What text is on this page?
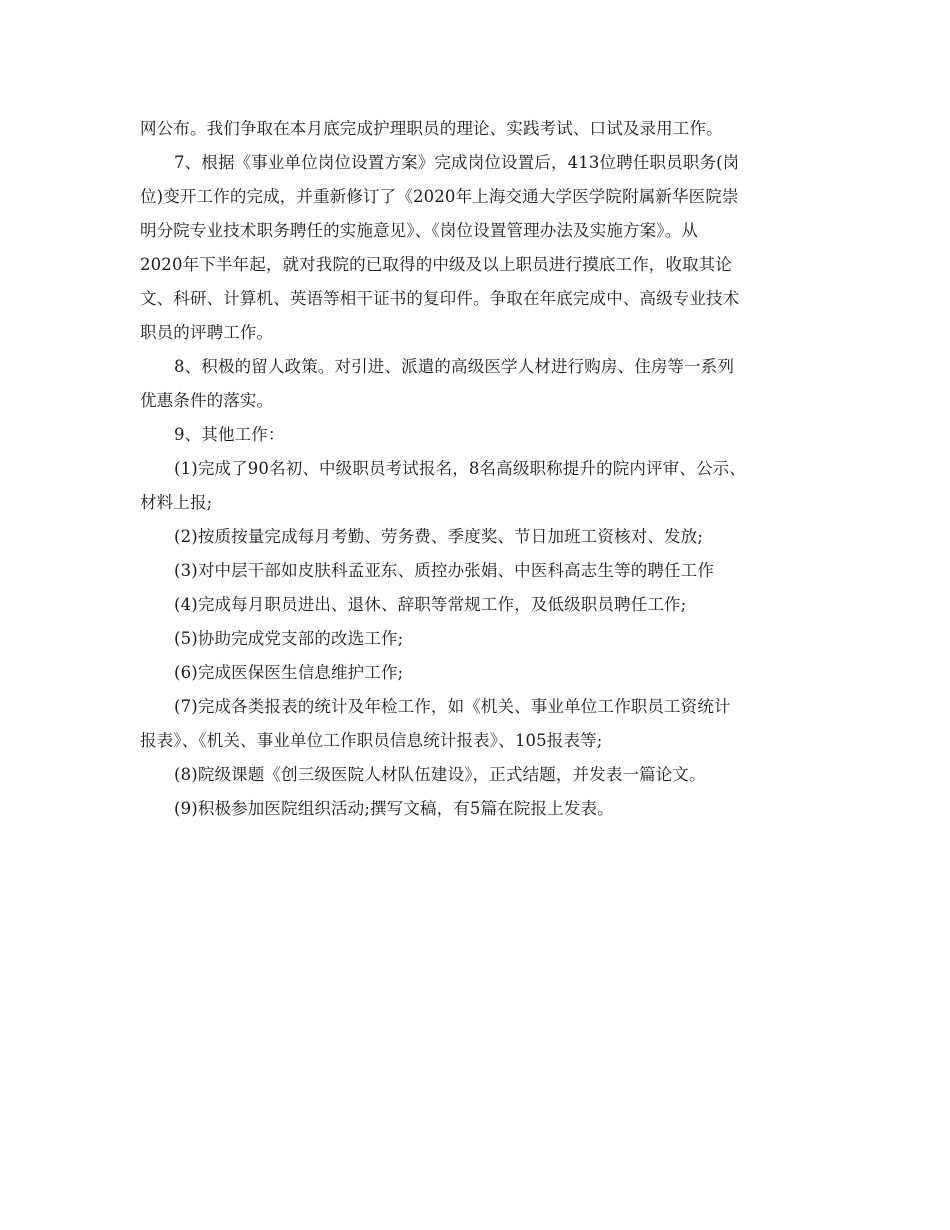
网公布。我们争取在本月底完成护理职员的理论、实践考试、口试及录用工作。
7、根据《事业单位岗位设置方案》完成岗位设置后，413位聘任职员职务(岗
位)变开工作的完成，并重新修订了《2020年上海交通大学医学院附属新华医院崇
明分院专业技术职务聘任的实施意见》、《岗位设置管理办法及实施方案》。从
2020年下半年起，就对我院的已取得的中级及以上职员进行摸底工作，收取其论
文、科研、计算机、英语等相干证书的复印件。争取在年底完成中、高级专业技术
职员的评聘工作。
8、积极的留人政策。对引进、派遣的高级医学人材进行购房、住房等一系列
优惠条件的落实。
9、其他工作：
(1)完成了90名初、中级职员考试报名，8名高级职称提升的院内评审、公示、
材料上报;
(2)按质按量完成每月考勤、劳务费、季度奖、节日加班工资核对、发放;
(3)对中层干部如皮肤科孟亚东、质控办张娟、中医科高志生等的聘任工作
(4)完成每月职员进出、退休、辞职等常规工作，及低级职员聘任工作;
(5)协助完成党支部的改选工作;
(6)完成医保医生信息维护工作;
(7)完成各类报表的统计及年检工作，如《机关、事业单位工作职员工资统计
报表》、《机关、事业单位工作职员信息统计报表》、105报表等;
(8)院级课题《创三级医院人材队伍建设》，正式结题，并发表一篇论文。
(9)积极参加医院组织活动;撰写文稿，有5篇在院报上发表。
